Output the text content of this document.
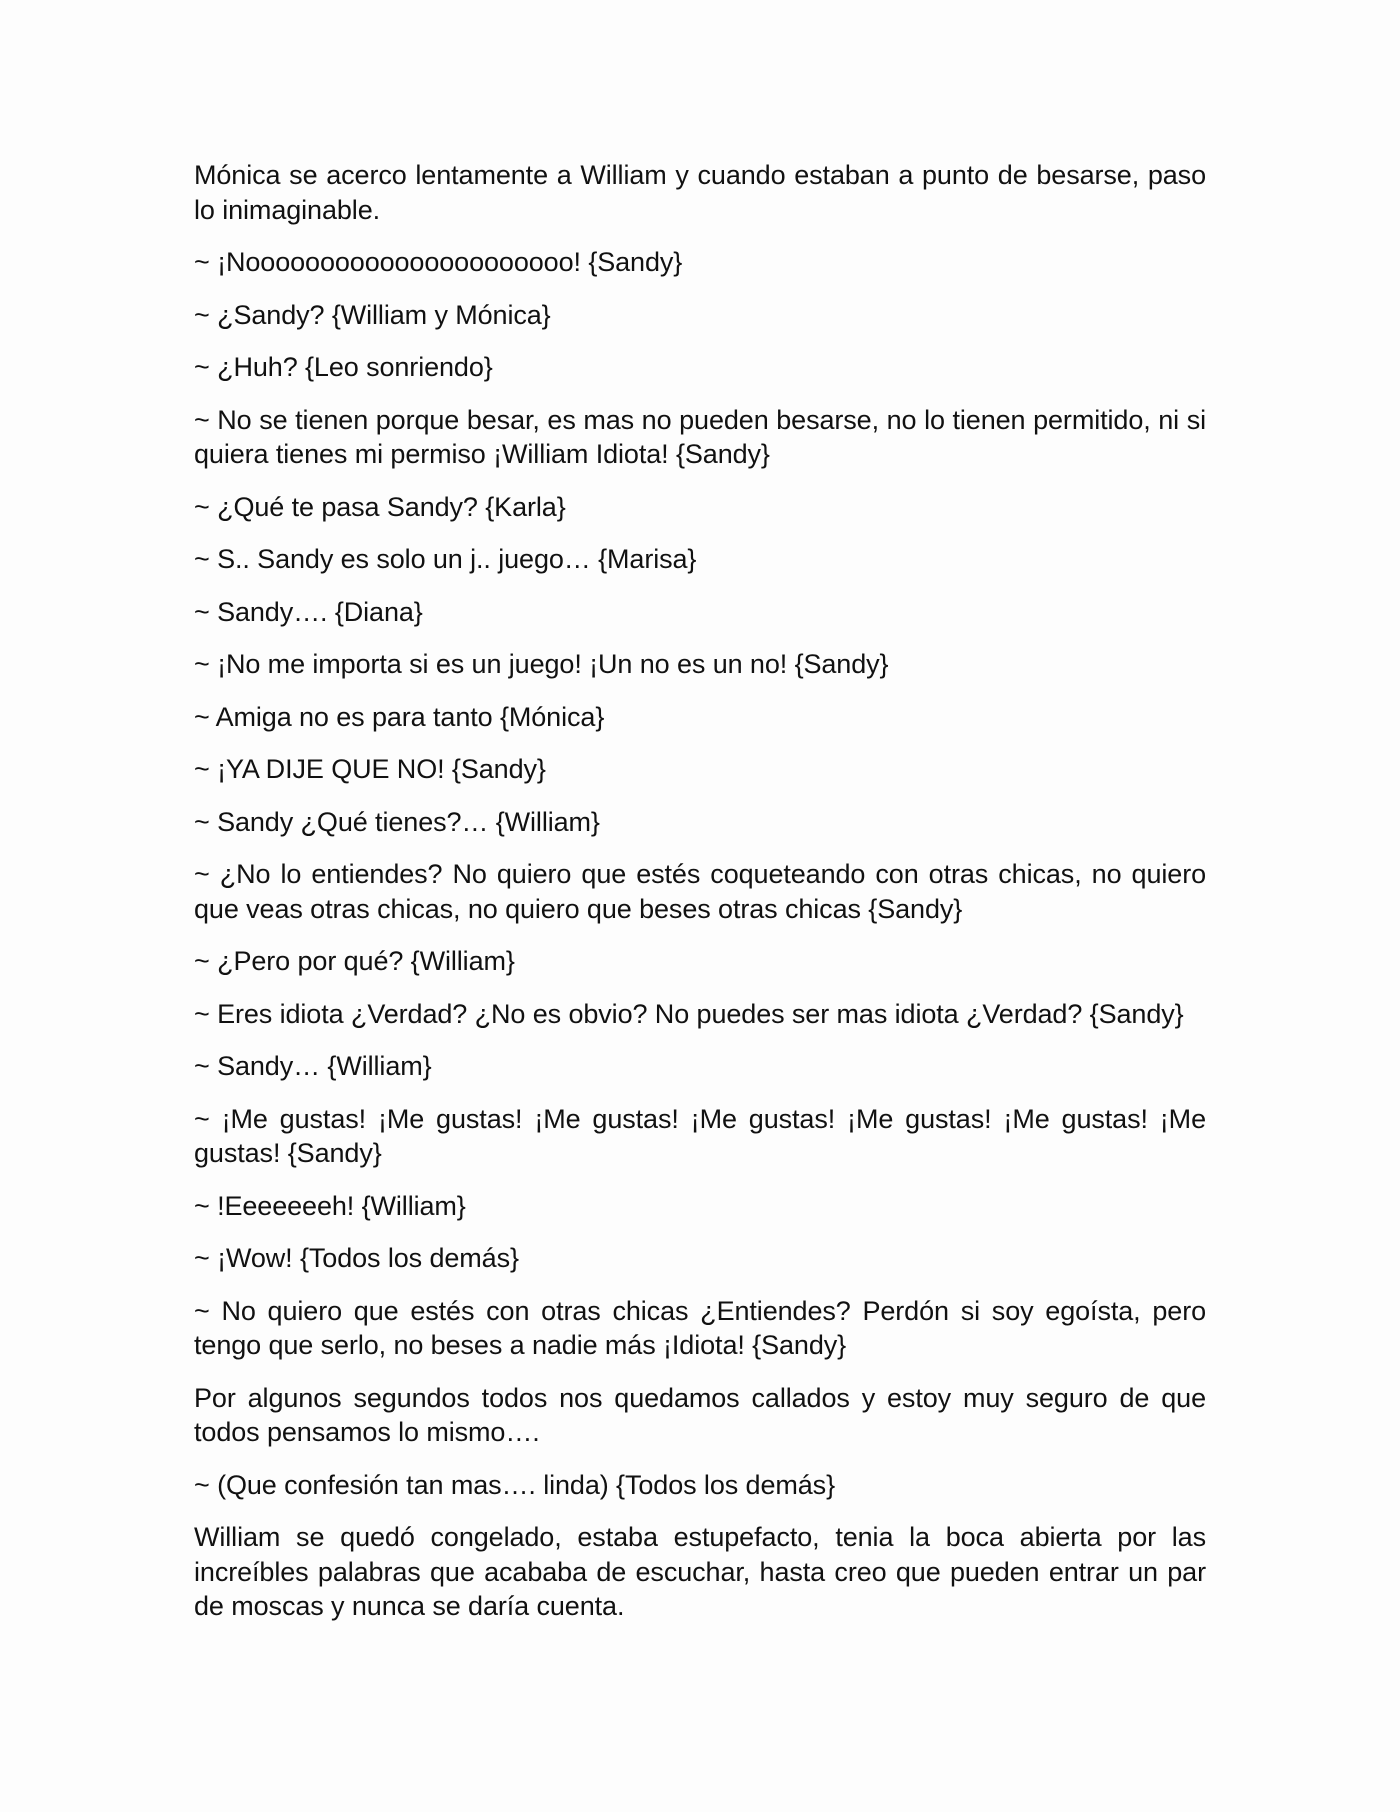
Mónica se acerco lentamente a William y cuando estaban a punto de besarse, paso lo inimaginable.

~ ¡Noooooooooooooooooooooo! {Sandy}

~ ¿Sandy? {William y Mónica}

~ ¿Huh? {Leo sonriendo}

~ No se tienen porque besar, es mas no pueden besarse, no lo tienen permitido, ni si quiera tienes mi permiso ¡William Idiota! {Sandy}

~ ¿Qué te pasa Sandy? {Karla}

~ S.. Sandy es solo un j.. juego… {Marisa}

~ Sandy…. {Diana}

~ ¡No me importa si es un juego! ¡Un no es un no! {Sandy}

~ Amiga no es para tanto {Mónica}

~ ¡YA DIJE QUE NO! {Sandy}

~ Sandy ¿Qué tienes?… {William}

~ ¿No lo entiendes? No quiero que estés coqueteando con otras chicas, no quiero que veas otras chicas, no quiero que beses otras chicas {Sandy}

~ ¿Pero por qué? {William}

~ Eres idiota ¿Verdad? ¿No es obvio? No puedes ser mas idiota ¿Verdad? {Sandy}

~ Sandy… {William}

~ ¡Me gustas! ¡Me gustas! ¡Me gustas! ¡Me gustas! ¡Me gustas! ¡Me gustas! ¡Me gustas! {Sandy}

~ !Eeeeeeeh! {William}

~ ¡Wow! {Todos los demás}

~ No quiero que estés con otras chicas ¿Entiendes? Perdón si soy egoísta, pero tengo que serlo, no beses a nadie más ¡Idiota! {Sandy}

Por algunos segundos todos nos quedamos callados y estoy muy seguro de que todos pensamos lo mismo….

~ (Que confesión tan mas…. linda) {Todos los demás}

William se quedó congelado, estaba estupefacto, tenia la boca abierta por las increíbles palabras que acababa de escuchar, hasta creo que pueden entrar un par de moscas y nunca se daría cuenta.
